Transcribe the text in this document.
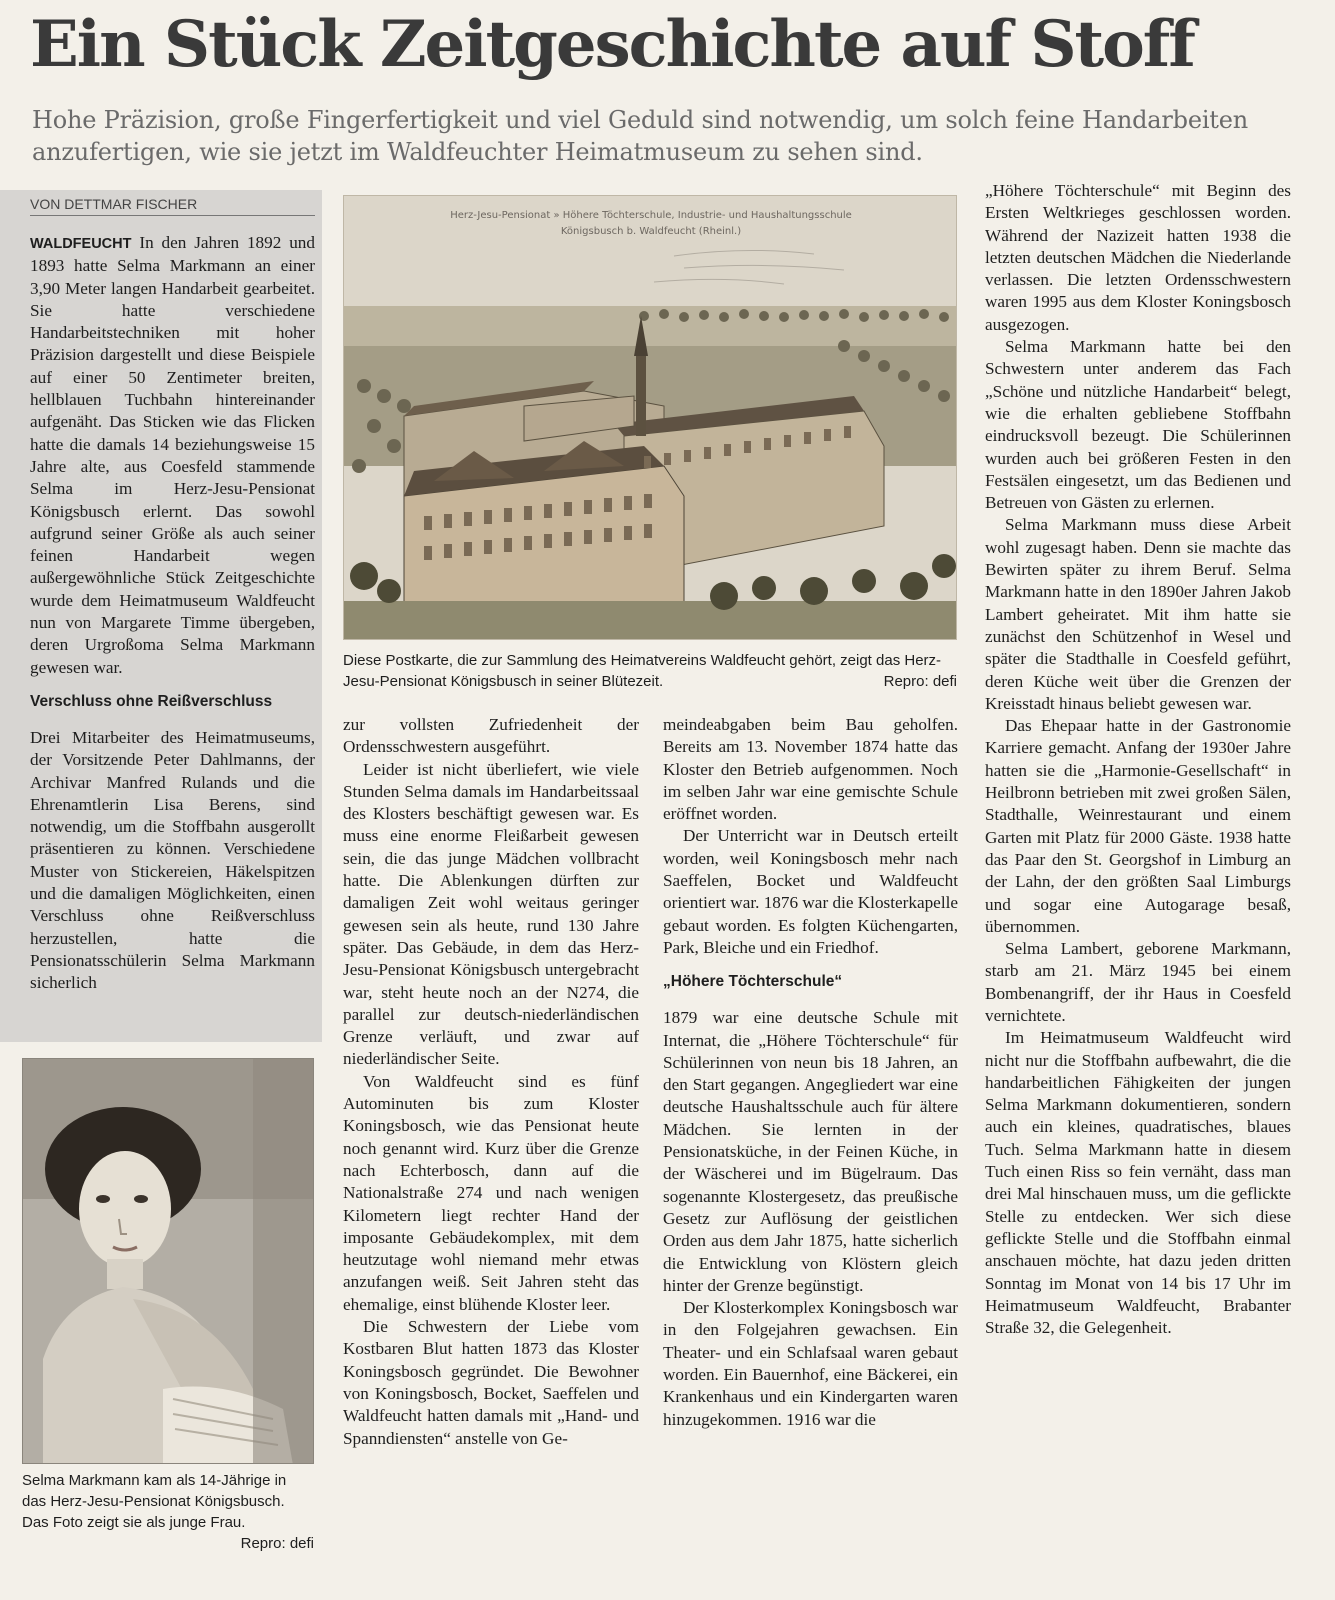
Ein Stück Zeitgeschichte auf Stoff
Hohe Präzision, große Fingerfertigkeit und viel Geduld sind notwendig, um solch feine Handarbeiten anzufertigen, wie sie jetzt im Waldfeuchter Heimatmuseum zu sehen sind.
VON DETTMAR FISCHER

WALDFEUCHT In den Jahren 1892 und 1893 hatte Selma Markmann an einer 3,90 Meter langen Handarbeit gearbeitet. Sie hatte verschiedene Handarbeitstechniken mit hoher Präzision dargestellt und diese Beispiele auf einer 50 Zentimeter breiten, hellblauen Tuchbahn hintereinander aufgenäht. Das Sticken wie das Flicken hatte die damals 14 beziehungsweise 15 Jahre alte, aus Coesfeld stammende Selma im Herz-Jesu-Pensionat Königsbusch erlernt. Das sowohl aufgrund seiner Größe als auch seiner feinen Handarbeit wegen außergewöhnliche Stück Zeitgeschichte wurde dem Heimatmuseum Waldfeucht nun von Margarete Timme übergeben, deren Urgroßoma Selma Markmann gewesen war.

Verschluss ohne Reißverschluss

Drei Mitarbeiter des Heimatmuseums, der Vorsitzende Peter Dahlmanns, der Archivar Manfred Rulands und die Ehrenamtlerin Lisa Berens, sind notwendig, um die Stoffbahn ausgerollt präsentieren zu können. Verschiedene Muster von Stickereien, Häkelspitzen und die damaligen Möglichkeiten, einen Verschluss ohne Reißverschluss herzustellen, hatte die Pensionatsschülerin Selma Markmann sicherlich

Herz-Jesu-Pensionat » Höhere Töchterschule, Industrie- und Haushaltungsschule
Königsbusch b. Waldfeucht (Rheinl.)
Diese Postkarte, die zur Sammlung des Heimatvereins Waldfeucht gehört, zeigt das Herz-Jesu-Pensionat Königsbusch in seiner Blütezeit.	Repro: defi

zur vollsten Zufriedenheit der Ordensschwestern ausgeführt.

Leider ist nicht überliefert, wie viele Stunden Selma damals im Handarbeitssaal des Klosters beschäftigt gewesen war. Es muss eine enorme Fleißarbeit gewesen sein, die das junge Mädchen vollbracht hatte. Die Ablenkungen dürften zur damaligen Zeit wohl weitaus geringer gewesen sein als heute, rund 130 Jahre später. Das Gebäude, in dem das Herz-Jesu-Pensionat Königsbusch untergebracht war, steht heute noch an der N274, die parallel zur deutsch-niederländischen Grenze verläuft, und zwar auf niederländischer Seite.

Von Waldfeucht sind es fünf Autominuten bis zum Kloster Koningsbosch, wie das Pensionat heute noch genannt wird. Kurz über die Grenze nach Echterbosch, dann auf die Nationalstraße 274 und nach wenigen Kilometern liegt rechter Hand der imposante Gebäudekomplex, mit dem heutzutage wohl niemand mehr etwas anzufangen weiß. Seit Jahren steht das ehemalige, einst blühende Kloster leer.

Die Schwestern der Liebe vom Kostbaren Blut hatten 1873 das Kloster Koningsbosch gegründet. Die Bewohner von Koningsbosch, Bocket, Saeffelen und Waldfeucht hatten damals mit „Hand- und Spanndiensten“ anstelle von Ge-

meindeabgaben beim Bau geholfen. Bereits am 13. November 1874 hatte das Kloster den Betrieb aufgenommen. Noch im selben Jahr war eine gemischte Schule eröffnet worden.

Der Unterricht war in Deutsch erteilt worden, weil Koningsbosch mehr nach Saeffelen, Bocket und Waldfeucht orientiert war. 1876 war die Klosterkapelle gebaut worden. Es folgten Küchengarten, Park, Bleiche und ein Friedhof.

„Höhere Töchterschule“

1879 war eine deutsche Schule mit Internat, die „Höhere Töchterschule“ für Schülerinnen von neun bis 18 Jahren, an den Start gegangen. Angegliedert war eine deutsche Haushaltsschule auch für ältere Mädchen. Sie lernten in der Pensionatsküche, in der Feinen Küche, in der Wäscherei und im Bügelraum. Das sogenannte Klostergesetz, das preußische Gesetz zur Auflösung der geistlichen Orden aus dem Jahr 1875, hatte sicherlich die Entwicklung von Klöstern gleich hinter der Grenze begünstigt.

Der Klosterkomplex Koningsbosch war in den Folgejahren gewachsen. Ein Theater- und ein Schlafsaal waren gebaut worden. Ein Bauernhof, eine Bäckerei, ein Krankenhaus und ein Kindergarten waren hinzugekommen. 1916 war die

„Höhere Töchterschule“ mit Beginn des Ersten Weltkrieges geschlossen worden. Während der Nazizeit hatten 1938 die letzten deutschen Mädchen die Niederlande verlassen. Die letzten Ordensschwestern waren 1995 aus dem Kloster Koningsbosch ausgezogen.

Selma Markmann hatte bei den Schwestern unter anderem das Fach „Schöne und nützliche Handarbeit“ belegt, wie die erhalten gebliebene Stoffbahn eindrucksvoll bezeugt. Die Schülerinnen wurden auch bei größeren Festen in den Festsälen eingesetzt, um das Bedienen und Betreuen von Gästen zu erlernen.

Selma Markmann muss diese Arbeit wohl zugesagt haben. Denn sie machte das Bewirten später zu ihrem Beruf. Selma Markmann hatte in den 1890er Jahren Jakob Lambert geheiratet. Mit ihm hatte sie zunächst den Schützenhof in Wesel und später die Stadthalle in Coesfeld geführt, deren Küche weit über die Grenzen der Kreisstadt hinaus beliebt gewesen war.

Das Ehepaar hatte in der Gastronomie Karriere gemacht. Anfang der 1930er Jahre hatten sie die „Harmonie-Gesellschaft“ in Heilbronn betrieben mit zwei großen Sälen, Stadthalle, Weinrestaurant und einem Garten mit Platz für 2000 Gäste. 1938 hatte das Paar den St. Georgshof in Limburg an der Lahn, der den größten Saal Limburgs und sogar eine Autogarage besaß, übernommen.

Selma Lambert, geborene Markmann, starb am 21. März 1945 bei einem Bombenangriff, der ihr Haus in Coesfeld vernichtete.

Im Heimatmuseum Waldfeucht wird nicht nur die Stoffbahn aufbewahrt, die die handarbeitlichen Fähigkeiten der jungen Selma Markmann dokumentieren, sondern auch ein kleines, quadratisches, blaues Tuch. Selma Markmann hatte in diesem Tuch einen Riss so fein vernäht, dass man drei Mal hinschauen muss, um die geflickte Stelle zu entdecken. Wer sich diese geflickte Stelle und die Stoffbahn einmal anschauen möchte, hat dazu jeden dritten Sonntag im Monat von 14 bis 17 Uhr im Heimatmuseum Waldfeucht, Brabanter Straße 32, die Gelegenheit.

Selma Markmann kam als 14-Jährige in das Herz-Jesu-Pensionat Königsbusch. Das Foto zeigt sie als junge Frau.
Repro: defi
